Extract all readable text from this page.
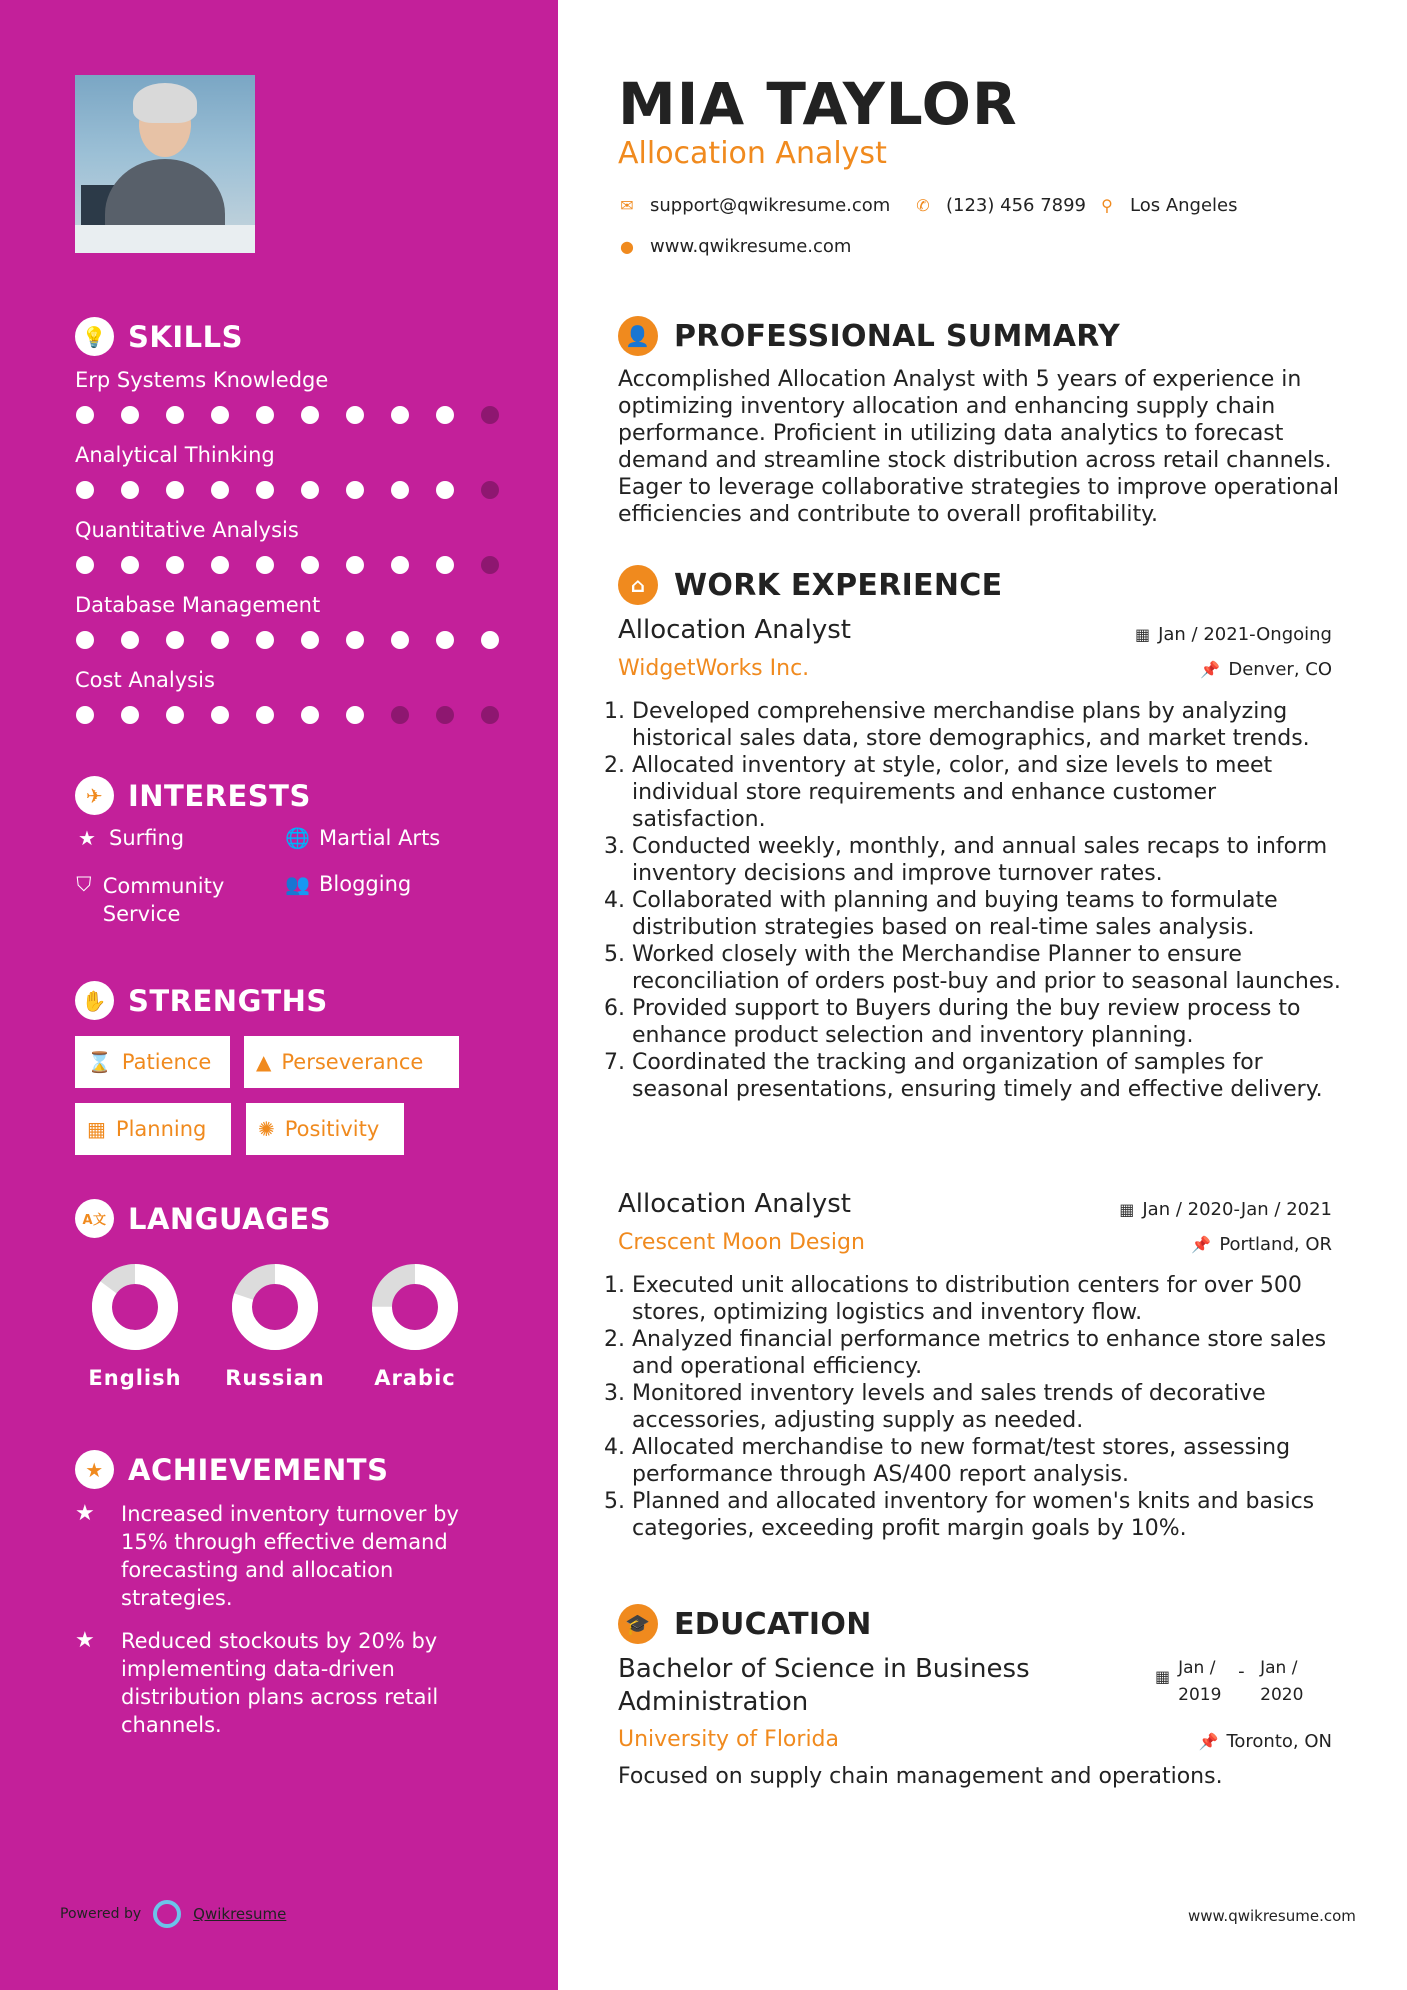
💡 SKILLS
Erp Systems Knowledge
Analytical Thinking
Quantitative Analysis
Database Management
Cost Analysis
✈ INTERESTS
★ Surfing	🌐 Martial Arts
⛉ Community Service
👥 Blogging
✋ STRENGTHS
⌛ Patience ▲ Perseverance
▦ Planning	✺ Positivity
A文 LANGUAGES
English	Russian	Arabic
★ ACHIEVEMENTS
★	Increased inventory turnover by 15% through effective demand forecasting and allocation strategies.
★	Reduced stockouts by 20% by implementing data-driven distribution plans across retail channels.
Powered by	Qwikresume
MIA TAYLOR
Allocation Analyst
✉ support@qwikresume.com ✆ (123) 456 7899 ⚲ Los Angeles
● www.qwikresume.com
👤 PROFESSIONAL SUMMARY
Accomplished Allocation Analyst with 5 years of experience in optimizing inventory allocation and enhancing supply chain performance. Proficient in utilizing data analytics to forecast demand and streamline stock distribution across retail channels. Eager to leverage collaborative strategies to improve operational efficiencies and contribute to overall profitability.
⌂ WORK EXPERIENCE
Allocation Analyst	▦ Jan / 2021-Ongoing
WidgetWorks Inc.	📌 Denver, CO
1. Developed comprehensive merchandise plans by analyzing historical sales data, store demographics, and market trends.
2. Allocated inventory at style, color, and size levels to meet individual store requirements and enhance customer satisfaction.
3. Conducted weekly, monthly, and annual sales recaps to inform inventory decisions and improve turnover rates.
4. Collaborated with planning and buying teams to formulate distribution strategies based on real-time sales analysis.
5. Worked closely with the Merchandise Planner to ensure reconciliation of orders post-buy and prior to seasonal launches.
6. Provided support to Buyers during the buy review process to enhance product selection and inventory planning.
7. Coordinated the tracking and organization of samples for seasonal presentations, ensuring timely and effective delivery.
Allocation Analyst	▦ Jan / 2020-Jan / 2021
Crescent Moon Design	📌 Portland, OR
1. Executed unit allocations to distribution centers for over 500 stores, optimizing logistics and inventory flow.
2. Analyzed financial performance metrics to enhance store sales and operational efficiency.
3. Monitored inventory levels and sales trends of decorative accessories, adjusting supply as needed.
4. Allocated merchandise to new format/test stores, assessing performance through AS/400 report analysis.
5. Planned and allocated inventory for women's knits and basics categories, exceeding profit margin goals by 10%.
🎓 EDUCATION
Bachelor of Science in Business Administration
▦ Jan / 2019
- Jan / 2020
University of Florida	📌 Toronto, ON
Focused on supply chain management and operations.
www.qwikresume.com
